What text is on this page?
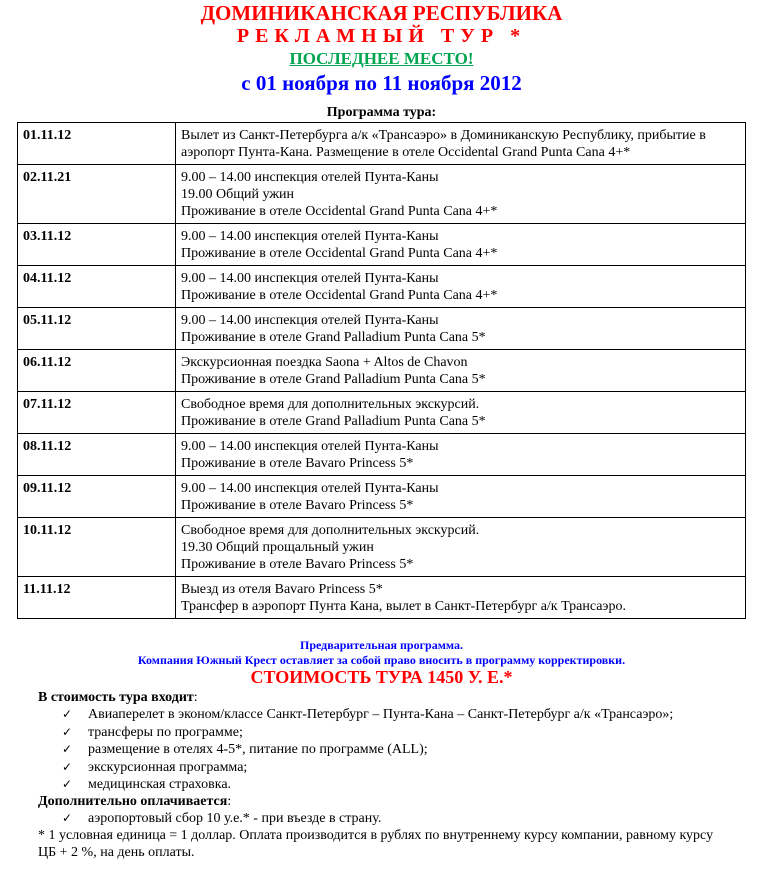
ДОМИНИКАНСКАЯ РЕСПУБЛИКА
РЕКЛАМНЫЙ ТУР *
ПОСЛЕДНЕЕ МЕСТО!
с 01 ноября по 11 ноября 2012
Программа тура:
01.11.12	Вылет из Санкт-Петербурга а/к «Трансаэро» в Доминиканскую Республику, прибытие в аэропорт Пунта-Кана. Размещение в отеле Occidental Grand Punta Cana 4+*

02.11.21	9.00 – 14.00 инспекция отелей Пунта-Каны
19.00 Общий ужин
Проживание в отеле Occidental Grand Punta Cana 4+*

03.11.12	9.00 – 14.00 инспекция отелей Пунта-Каны
Проживание в отеле Occidental Grand Punta Cana 4+*

04.11.12	9.00 – 14.00 инспекция отелей Пунта-Каны
Проживание в отеле Occidental Grand Punta Cana 4+*

05.11.12	9.00 – 14.00 инспекция отелей Пунта-Каны
Проживание в отеле Grand Palladium Punta Cana 5*

06.11.12	Экскурсионная поездка Saona + Altos de Chavon
Проживание в отеле Grand Palladium Punta Cana 5*

07.11.12	Свободное время для дополнительных экскурсий.
Проживание в отеле Grand Palladium Punta Cana 5*

08.11.12	9.00 – 14.00 инспекция отелей Пунта-Каны
Проживание в отеле Bavaro Princess 5*

09.11.12	9.00 – 14.00 инспекция отелей Пунта-Каны
Проживание в отеле Bavaro Princess 5*

10.11.12	Свободное время для дополнительных экскурсий.
19.30 Общий прощальный ужин
Проживание в отеле Bavaro Princess 5*

11.11.12	Выезд из отеля Bavaro Princess 5*
Трансфер в аэропорт Пунта Кана, вылет в Санкт-Петербург а/к Трансаэро.
Предварительная программа.
Компания Южный Крест оставляет за собой право вносить в программу корректировки.
СТОИМОСТЬ ТУРА 1450 У. Е.*
В стоимость тура входит:
✓ Авиаперелет в эконом/классе Санкт-Петербург – Пунта-Кана – Санкт-Петербург а/к «Трансаэро»;
✓ трансферы по программе;
✓ размещение в отелях 4-5*, питание по программе (ALL);
✓ экскурсионная программа;
✓ медицинская страховка.
Дополнительно оплачивается:
✓ аэропортовый сбор 10 у.е.* - при въезде в страну.
* 1 условная единица = 1 доллар. Оплата производится в рублях по внутреннему курсу компании, равному курсу ЦБ + 2 %, на день оплаты.
